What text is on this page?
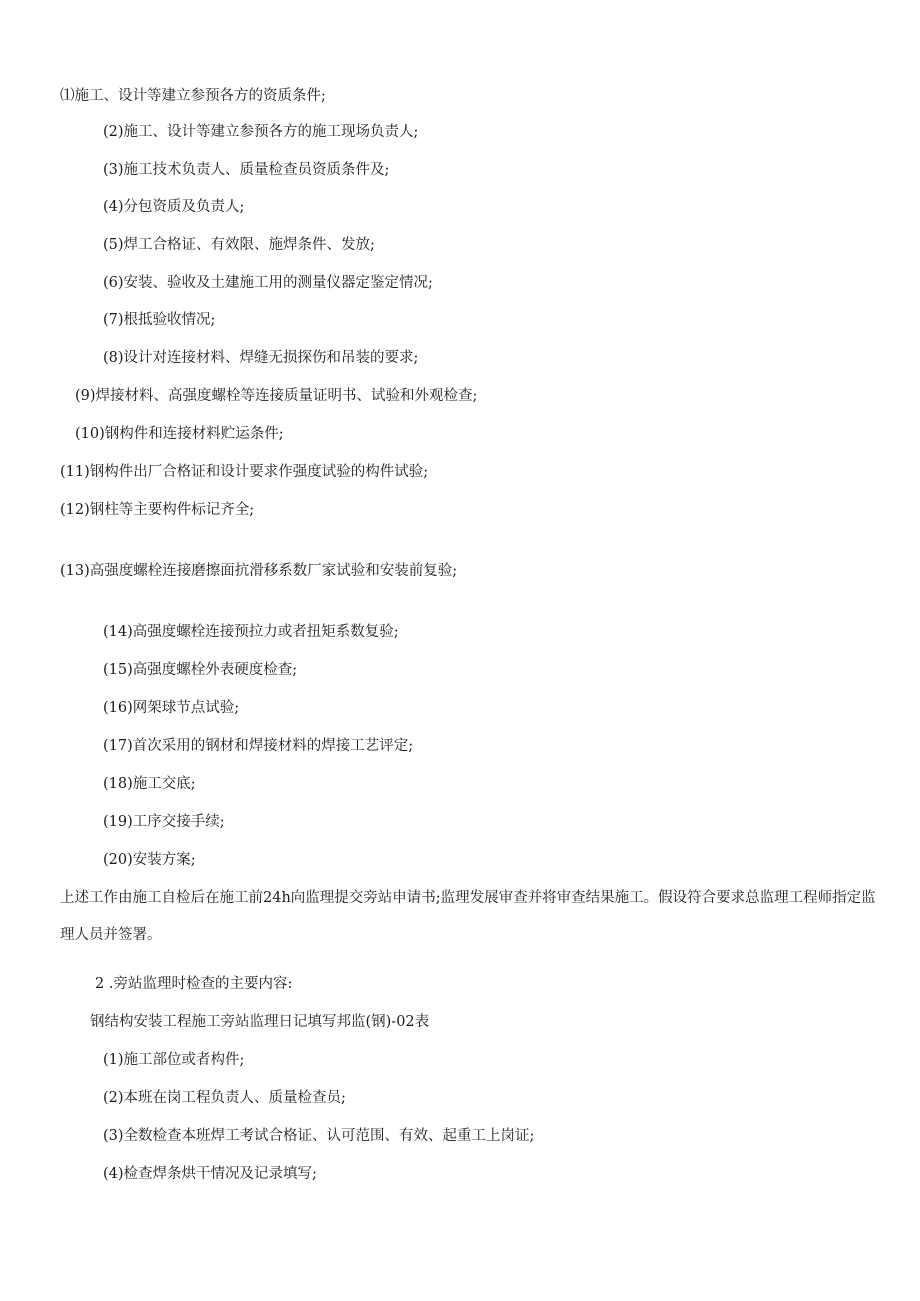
⑴施工、设计等建立参预各方的资质条件;
(2)施工、设计等建立参预各方的施工现场负责人;
(3)施工技术负责人、质量检查员资质条件及;
(4)分包资质及负责人;
(5)焊工合格证、有效限、施焊条件、发放;
(6)安装、验收及土建施工用的测量仪器定鉴定情况;
(7)根抵验收情况;
(8)设计对连接材料、焊缝无损探伤和吊装的要求;
(9)焊接材料、高强度螺栓等连接质量证明书、试验和外观检查;
(10)钢构件和连接材料贮运条件;
(11)钢构件出厂合格证和设计要求作强度试验的构件试验;
(12)钢柱等主要构件标记齐全;
(13)高强度螺栓连接磨擦面抗滑移系数厂家试验和安装前复验;
(14)高强度螺栓连接预拉力或者扭矩系数复验;
(15)高强度螺栓外表硬度检查;
(16)网架球节点试验;
(17)首次采用的钢材和焊接材料的焊接工艺评定;
(18)施工交底;
(19)工序交接手续;
(20)安装方案;
上述工作由施工自检后在施工前24h向监理提交旁站申请书;监理发展审查并将审查结果施工。假设符合要求总监理工程师指定监理人员并签署。
2 .旁站监理时检查的主要内容:
钢结构安装工程施工旁站监理日记填写邦监(钢)-02表
(1)施工部位或者构件;
(2)本班在岗工程负责人、质量检查员;
(3)全数检查本班焊工考试合格证、认可范围、有效、起重工上岗证;
(4)检查焊条烘干情况及记录填写;
